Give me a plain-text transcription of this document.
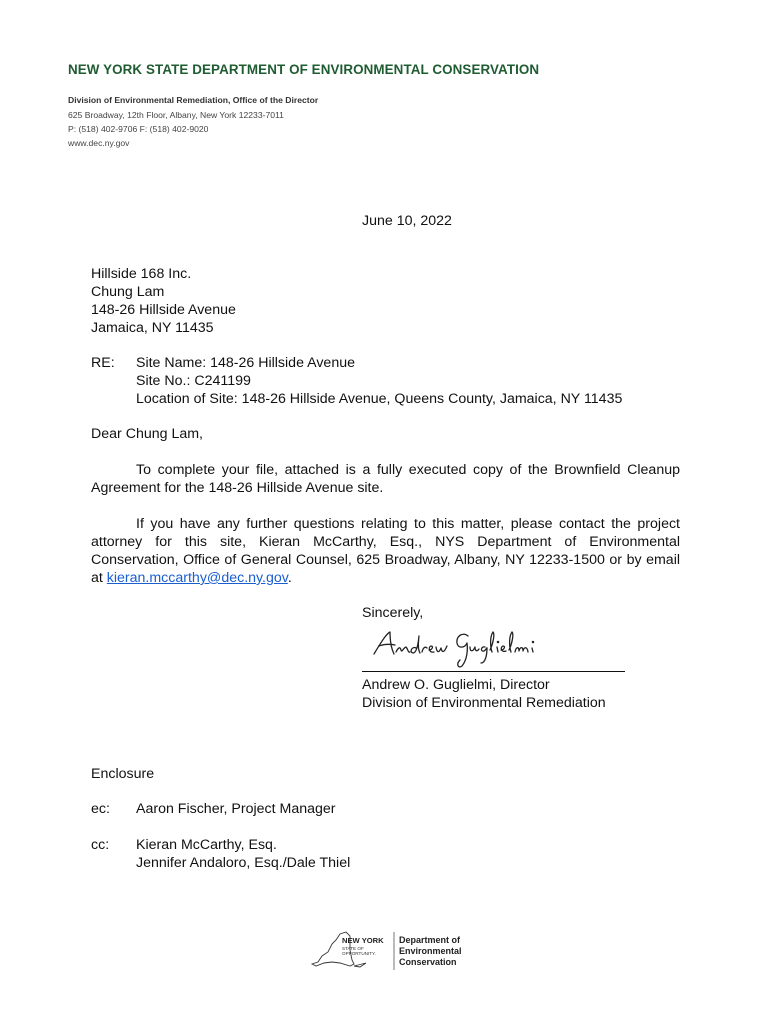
NEW YORK STATE DEPARTMENT OF ENVIRONMENTAL CONSERVATION
Division of Environmental Remediation, Office of the Director
625 Broadway, 12th Floor, Albany, New York 12233-7011
P: (518) 402-9706 F: (518) 402-9020
www.dec.ny.gov
June 10, 2022
Hillside 168 Inc.
Chung Lam
148-26 Hillside Avenue
Jamaica, NY 11435
RE: Site Name: 148-26 Hillside Avenue
Site No.: C241199
Location of Site: 148-26 Hillside Avenue, Queens County, Jamaica, NY 11435
Dear Chung Lam,
To complete your file, attached is a fully executed copy of the Brownfield Cleanup Agreement for the 148-26 Hillside Avenue site.
If you have any further questions relating to this matter, please contact the project attorney for this site, Kieran McCarthy, Esq., NYS Department of Environmental Conservation, Office of General Counsel, 625 Broadway, Albany, NY 12233-1500 or by email at kieran.mccarthy@dec.ny.gov.
Sincerely,
Andrew O. Guglielmi, Director
Division of Environmental Remediation
Enclosure
ec: Aaron Fischer, Project Manager
cc: Kieran McCarthy, Esq.
Jennifer Andaloro, Esq./Dale Thiel
NEW YORK
STATE OF
OPPORTUNITY.
Department of
Environmental
Conservation
